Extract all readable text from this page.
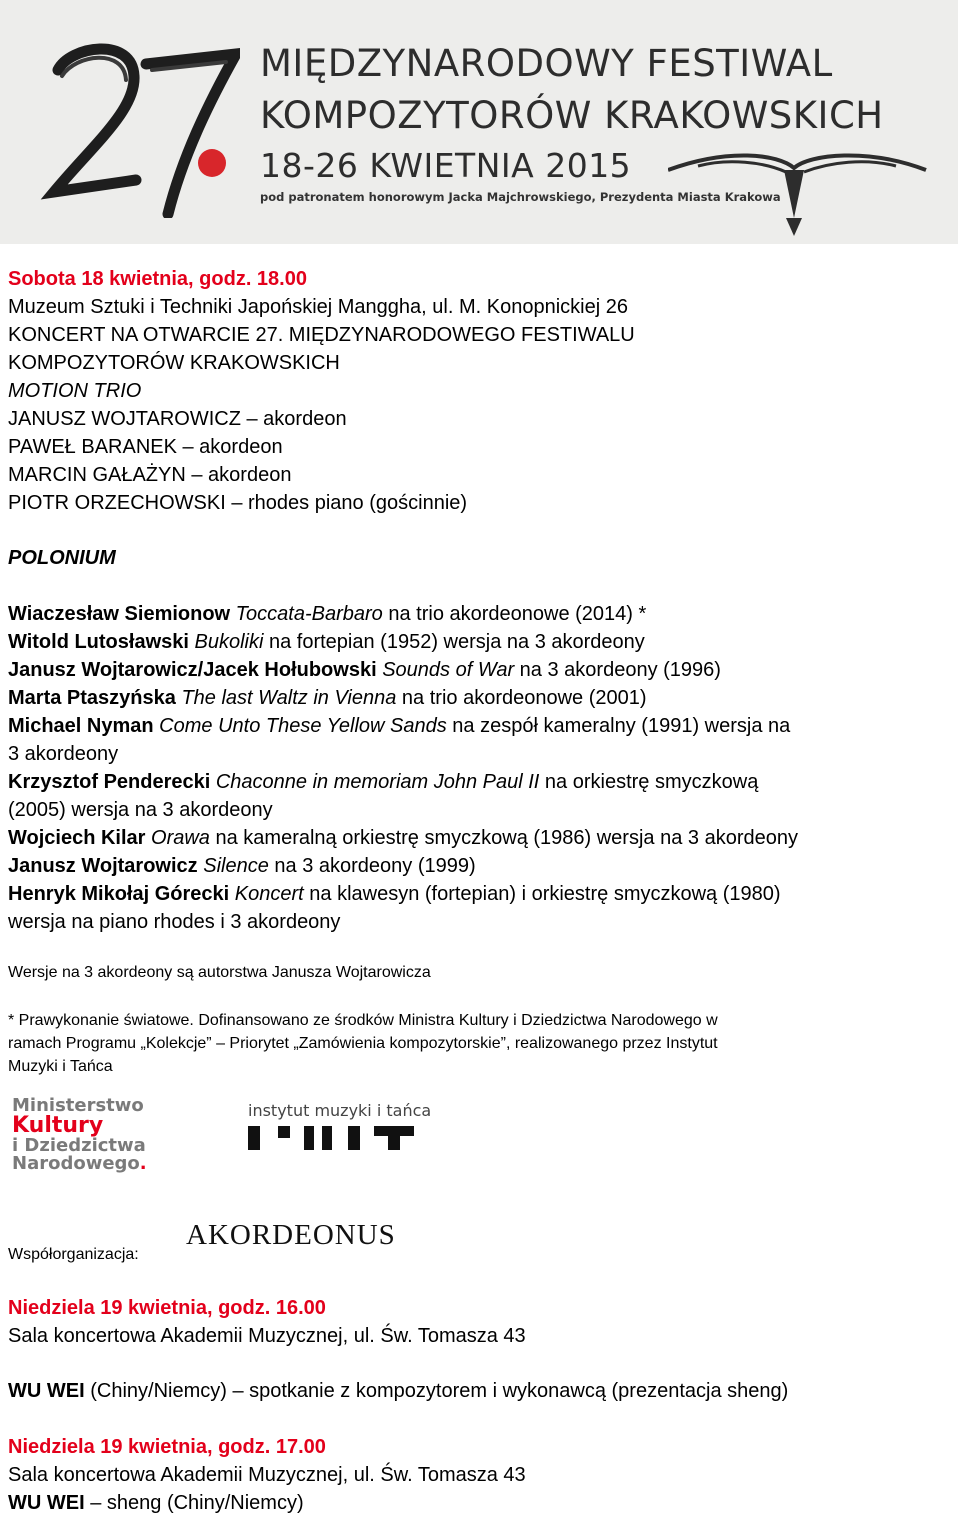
MIĘDZYNARODOWY FESTIWAL
KOMPOZYTORÓW KRAKOWSKICH
18-26 KWIETNIA 2015
pod patronatem honorowym Jacka Majchrowskiego, Prezydenta Miasta Krakowa
Sobota 18 kwietnia, godz. 18.00
Muzeum Sztuki i Techniki Japońskiej Manggha, ul. M. Konopnickiej 26
KONCERT NA OTWARCIE 27. MIĘDZYNARODOWEGO FESTIWALU
KOMPOZYTORÓW KRAKOWSKICH
MOTION TRIO
JANUSZ WOJTAROWICZ – akordeon
PAWEŁ BARANEK – akordeon
MARCIN GAŁAŻYN – akordeon
PIOTR ORZECHOWSKI – rhodes piano (gościnnie)
POLONIUM
Wiaczesław Siemionow Toccata-Barbaro na trio akordeonowe (2014) *
Witold Lutosławski Bukoliki na fortepian (1952) wersja na 3 akordeony
Janusz Wojtarowicz/Jacek Hołubowski Sounds of War na 3 akordeony (1996)
Marta Ptaszyńska The last Waltz in Vienna na trio akordeonowe (2001)
Michael Nyman Come Unto These Yellow Sands na zespół kameralny (1991) wersja na
3 akordeony
Krzysztof Penderecki Chaconne in memoriam John Paul II na orkiestrę smyczkową
(2005) wersja na 3 akordeony
Wojciech Kilar Orawa na kameralną orkiestrę smyczkową (1986) wersja na 3 akordeony
Janusz Wojtarowicz Silence na 3 akordeony (1999)
Henryk Mikołaj Górecki Koncert na klawesyn (fortepian) i orkiestrę smyczkową (1980)
wersja na piano rhodes i 3 akordeony
Wersje na 3 akordeony są autorstwa Janusza Wojtarowicza
* Prawykonanie światowe. Dofinansowano ze środków Ministra Kultury i Dziedzictwa Narodowego w
ramach Programu „Kolekcje” – Priorytet „Zamówienia kompozytorskie”, realizowanego przez Instytut
Muzyki i Tańca
Ministerstwo
Kultury
i Dziedzictwa
Narodowego.
instytut muzyki i tańca
Współorganizacja:
AKORDEONUS
Niedziela 19 kwietnia, godz. 16.00
Sala koncertowa Akademii Muzycznej, ul. Św. Tomasza 43
WU WEI (Chiny/Niemcy) – spotkanie z kompozytorem i wykonawcą (prezentacja sheng)
Niedziela 19 kwietnia, godz. 17.00
Sala koncertowa Akademii Muzycznej, ul. Św. Tomasza 43
WU WEI – sheng (Chiny/Niemcy)
